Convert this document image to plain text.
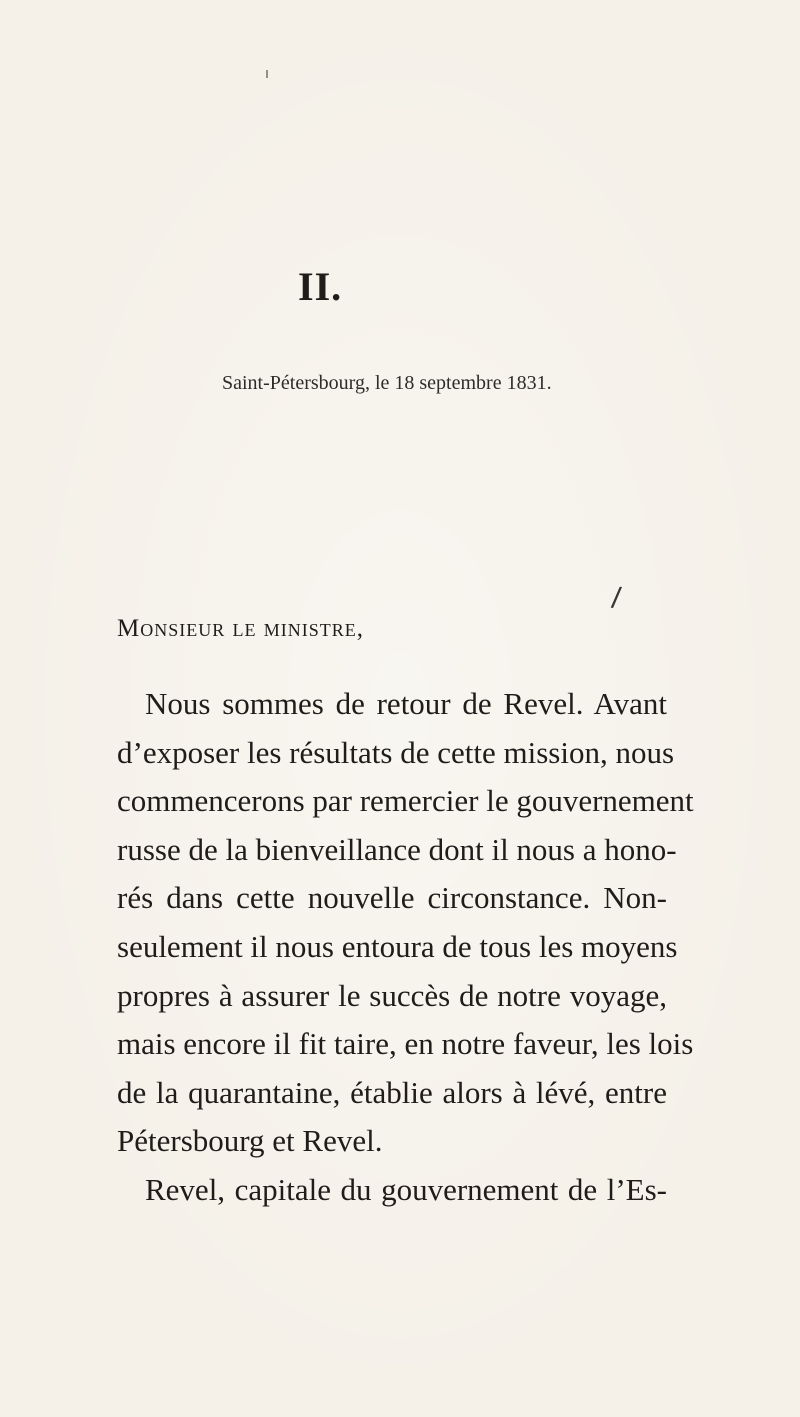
II.
Saint-Pétersbourg, le 18 septembre 1831.
/
Monsieur le ministre,
Nous sommes de retour de Revel. Avant
d’exposer les résultats de cette mission, nous
commencerons par remercier le gouvernement
russe de la bienveillance dont il nous a hono-
rés dans cette nouvelle circonstance. Non-
seulement il nous entoura de tous les moyens
propres à assurer le succès de notre voyage,
mais encore il fit taire, en notre faveur, les lois
de la quarantaine, établie alors à lévé, entre
Pétersbourg et Revel.
Revel, capitale du gouvernement de l’Es-
